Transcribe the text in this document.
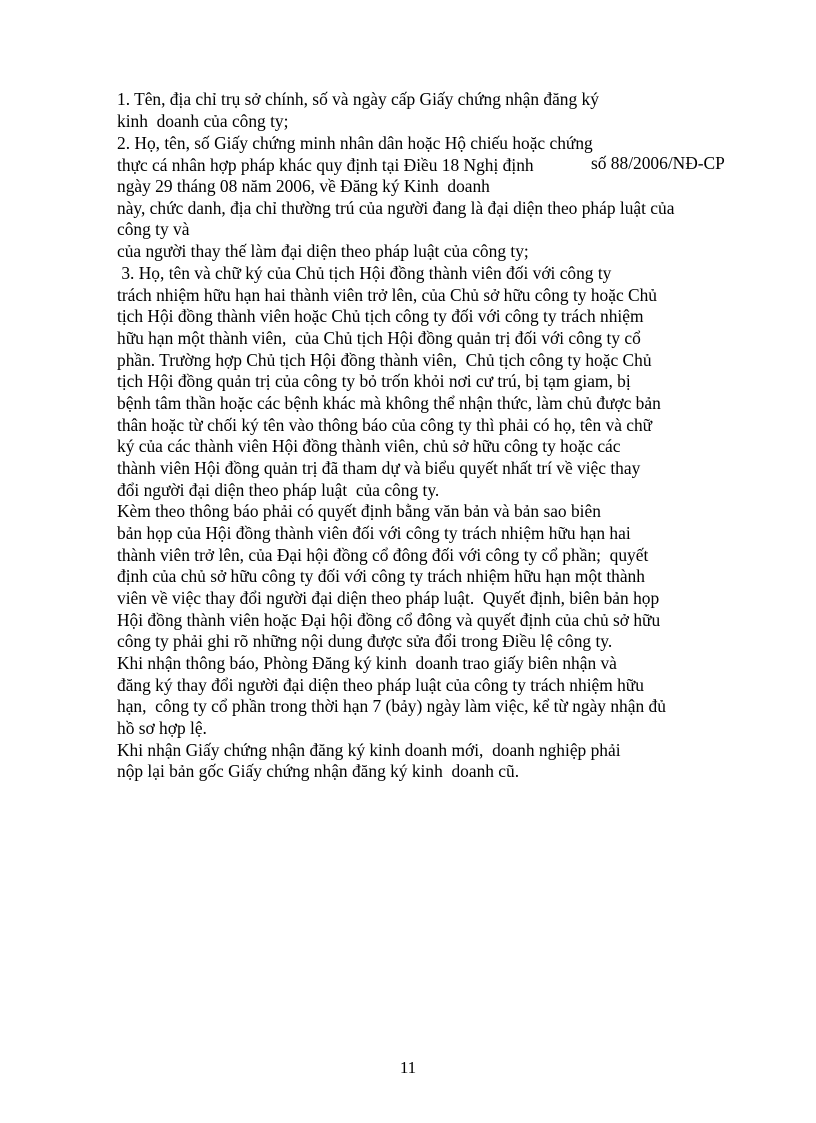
1. Tên, địa chỉ trụ sở chính, số và ngày cấp Giấy chứng nhận đăng ký
kinh  doanh của công ty;
2. Họ, tên, số Giấy chứng minh nhân dân hoặc Hộ chiếu hoặc chứng
thực cá nhân hợp pháp khác quy định tại Điều 18 Nghị định	số 88/2006/NĐ-CP
ngày 29 tháng 08 năm 2006, về Đăng ký Kinh  doanh
này, chức danh, địa chỉ thường trú của người đang là đại diện theo pháp luật của
công ty và
của người thay thế làm đại diện theo pháp luật của công ty;
3. Họ, tên và chữ ký của Chủ tịch Hội đồng thành viên đối với công ty
trách nhiệm hữu hạn hai thành viên trở lên, của Chủ sở hữu công ty hoặc Chủ
tịch Hội đồng thành viên hoặc Chủ tịch công ty đối với công ty trách nhiệm
hữu hạn một thành viên,  của Chủ tịch Hội đồng quản trị đối với công ty cổ
phần. Trường hợp Chủ tịch Hội đồng thành viên,  Chủ tịch công ty hoặc Chủ
tịch Hội đồng quản trị của công ty bỏ trốn khỏi nơi cư trú, bị tạm giam, bị
bệnh tâm thần hoặc các bệnh khác mà không thể nhận thức, làm chủ được bản
thân hoặc từ chối ký tên vào thông báo của công ty thì phải có họ, tên và chữ
ký của các thành viên Hội đồng thành viên, chủ sở hữu công ty hoặc các
thành viên Hội đồng quản trị đã tham dự và biểu quyết nhất trí về việc thay
đổi người đại diện theo pháp luật  của công ty.
Kèm theo thông báo phải có quyết định bằng văn bản và bản sao biên
bản họp của Hội đồng thành viên đối với công ty trách nhiệm hữu hạn hai
thành viên trở lên, của Đại hội đồng cổ đông đối với công ty cổ phần;  quyết
định của chủ sở hữu công ty đối với công ty trách nhiệm hữu hạn một thành
viên về việc thay đổi người đại diện theo pháp luật.  Quyết định, biên bản họp
Hội đồng thành viên hoặc Đại hội đồng cổ đông và quyết định của chủ sở hữu
công ty phải ghi rõ những nội dung được sửa đổi trong Điều lệ công ty.
Khi nhận thông báo, Phòng Đăng ký kinh  doanh trao giấy biên nhận và
đăng ký thay đổi người đại diện theo pháp luật của công ty trách nhiệm hữu
hạn,  công ty cổ phần trong thời hạn 7 (bảy) ngày làm việc, kể từ ngày nhận đủ
hồ sơ hợp lệ.
Khi nhận Giấy chứng nhận đăng ký kinh doanh mới,  doanh nghiệp phải
nộp lại bản gốc Giấy chứng nhận đăng ký kinh  doanh cũ.
11
